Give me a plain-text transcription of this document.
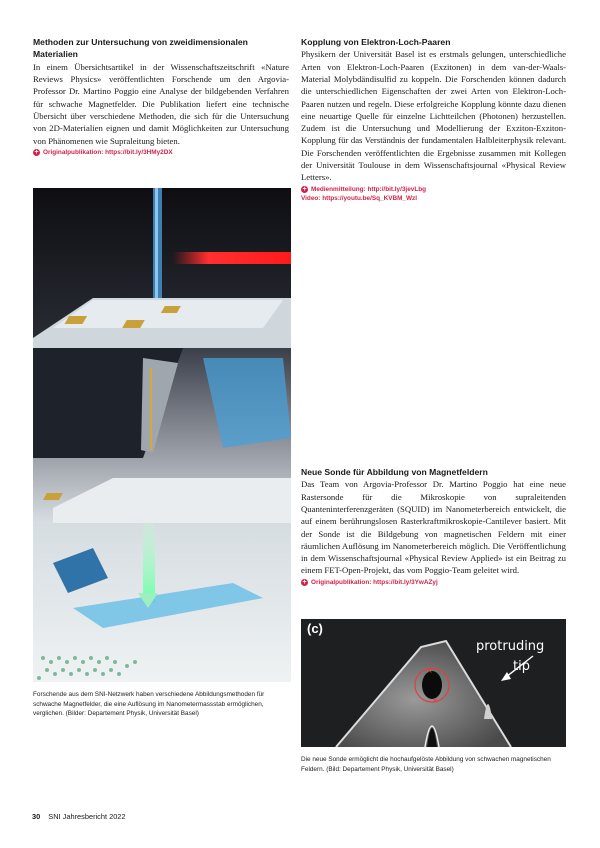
Methoden zur Untersuchung von zweidimensionalen Materialien

In einem Übersichtsartikel in der Wissenschaftszeitschrift «Nature Reviews Physics» veröffentlichten Forschende um den Argovia-Professor Dr. Martino Poggio eine Analyse der bildgebenden Verfahren für schwache Magnetfelder. Die Publikation liefert eine technische Übersicht über verschiedene Methoden, die sich für die Untersuchung von 2D-Materialien eignen und damit Möglichkeiten zur Untersuchung von Phänomenen wie Supraleitung bieten.

+ Originalpublikation: https://bit.ly/3HMy2DX

Forschende aus dem SNI-Netzwerk haben verschiedene Abbildungsmethoden für schwache Magnetfelder, die eine Auflösung im Nanometermassstab ermöglichen, verglichen. (Bilder: Departement Physik, Universität Basel)

Kopplung von Elektron-Loch-Paaren

Physikern der Universität Basel ist es erstmals gelungen, unterschiedliche Arten von Elektron-Loch-Paaren (Exzitonen) in dem van-der-Waals-Material Molybdändisulfid zu koppeln. Die Forschenden können dadurch die unterschiedlichen Eigenschaften der zwei Arten von Elektron-Loch-Paaren nutzen und regeln. Diese erfolgreiche Kopplung könnte dazu dienen eine neuartige Quelle für einzelne Lichtteilchen (Photonen) herzustellen. Zudem ist die Untersuchung und Modellierung der Exziton-Exziton-Kopplung für das Verständnis der fundamentalen Halbleiterphysik relevant. Die Forschenden veröffentlichten die Ergebnisse zusammen mit Kollegen der Universität Toulouse in dem Wissenschaftsjournal «Physical Review Letters».

+ Medienmitteilung: http://bit.ly/3jevLbg

Video: https://youtu.be/Sq_KVBM_Wzl

Neue Sonde für Abbildung von Magnetfeldern

Das Team von Argovia-Professor Dr. Martino Poggio hat eine neue Rastersonde für die Mikroskopie von supraleitenden Quanteninterferenzgeräten (SQUID) im Nanometerbereich entwickelt, die auf einem berührungslosen Rasterkraftmikroskopie-Cantilever basiert. Mit der Sonde ist die Bildgebung von magnetischen Feldern mit einer räumlichen Auflösung im Nanometerbereich möglich. Die Veröffentlichung in dem Wissenschaftsjournal «Physical Review Applied» ist ein Beitrag zu einem FET-Open-Projekt, das vom Poggio-Team geleitet wird.

+ Originalpublikation: https://bit.ly/3YwAZyj

×
×
(c)
protruding
tip

Die neue Sonde ermöglicht die hochaufgelöste Abbildung von schwachen magnetischen Feldern. (Bild: Departement Physik, Universität Basel)

30 SNI Jahresbericht 2022
